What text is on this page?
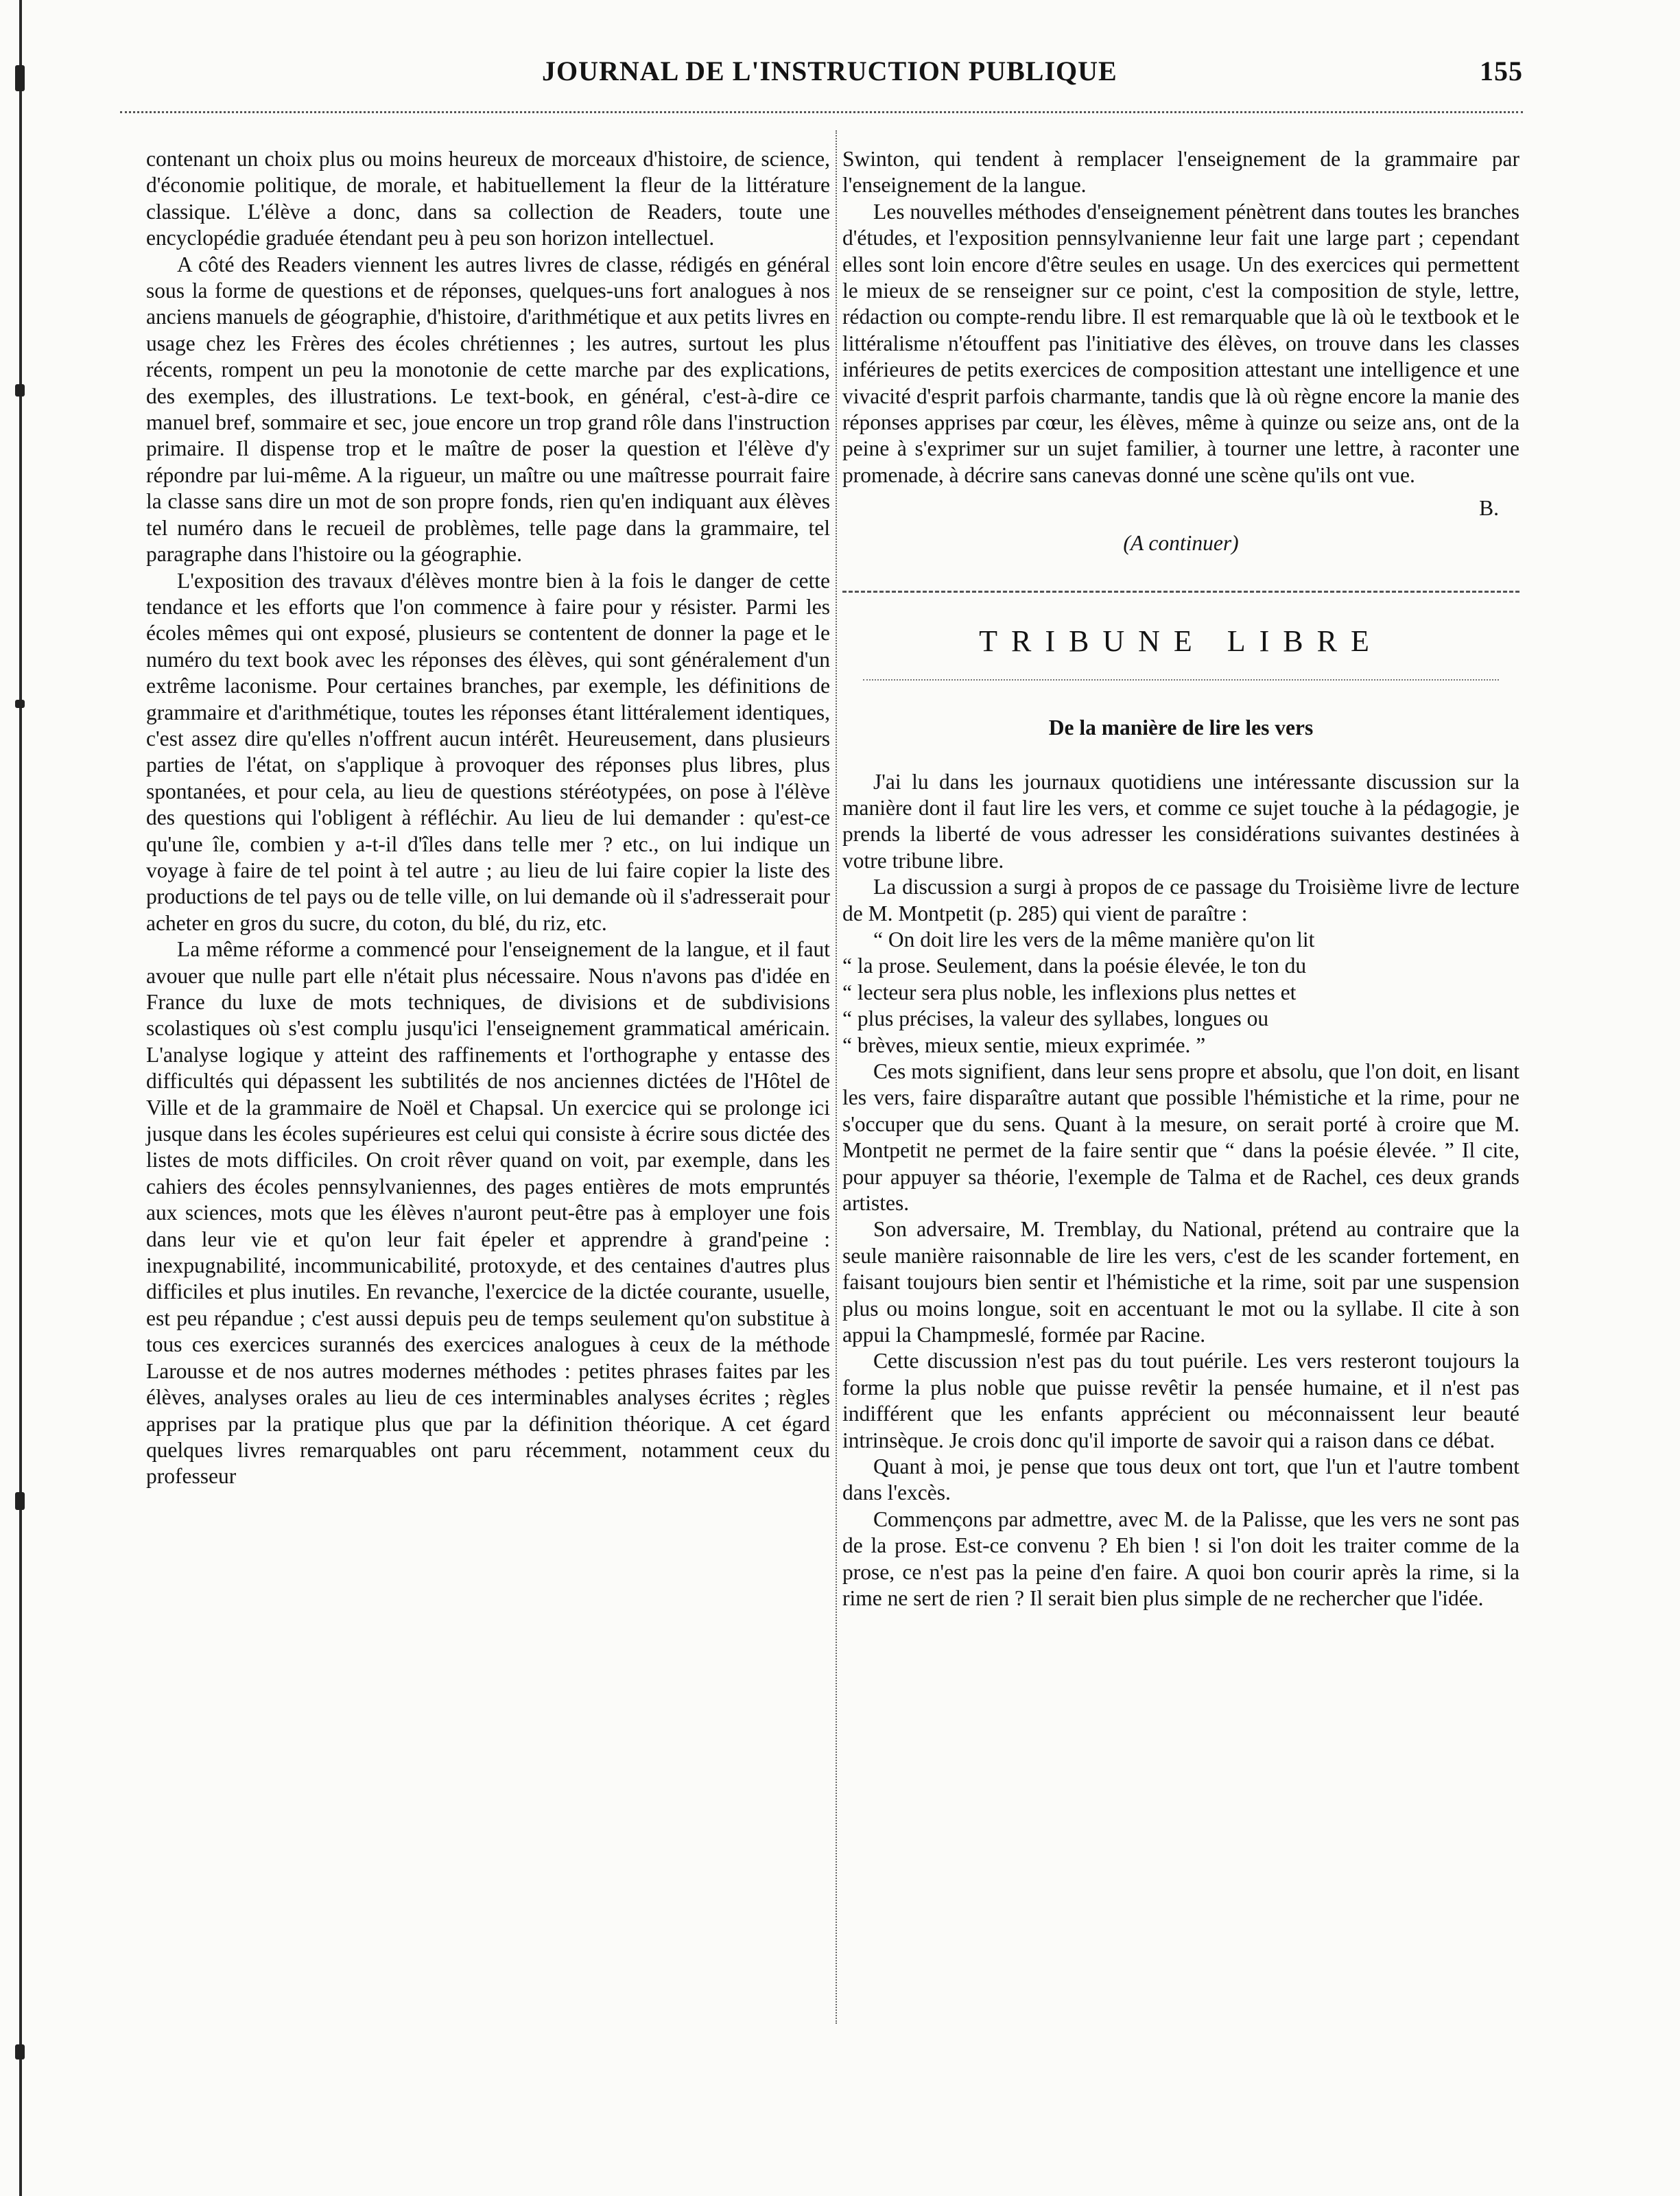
JOURNAL DE L'INSTRUCTION PUBLIQUE	155

contenant un choix plus ou moins heureux de morceaux d'histoire, de science, d'économie politique, de morale, et habituellement la fleur de la littérature classique. L'élève a donc, dans sa collection de Readers, toute une encyclopédie graduée étendant peu à peu son horizon intellectuel.

A côté des Readers viennent les autres livres de classe, rédigés en général sous la forme de questions et de réponses, quelques-uns fort analogues à nos anciens manuels de géographie, d'histoire, d'arithmétique et aux petits livres en usage chez les Frères des écoles chrétiennes ; les autres, surtout les plus récents, rompent un peu la monotonie de cette marche par des explications, des exemples, des illustrations. Le text-book, en général, c'est-à-dire ce manuel bref, sommaire et sec, joue encore un trop grand rôle dans l'instruction primaire. Il dispense trop et le maître de poser la question et l'élève d'y répondre par lui-même. A la rigueur, un maître ou une maîtresse pourrait faire la classe sans dire un mot de son propre fonds, rien qu'en indiquant aux élèves tel numéro dans le recueil de problèmes, telle page dans la grammaire, tel paragraphe dans l'histoire ou la géographie.

L'exposition des travaux d'élèves montre bien à la fois le danger de cette tendance et les efforts que l'on commence à faire pour y résister. Parmi les écoles mêmes qui ont exposé, plusieurs se contentent de donner la page et le numéro du text book avec les réponses des élèves, qui sont généralement d'un extrême laconisme. Pour certaines branches, par exemple, les définitions de grammaire et d'arithmétique, toutes les réponses étant littéralement identiques, c'est assez dire qu'elles n'offrent aucun intérêt. Heureusement, dans plusieurs parties de l'état, on s'applique à provoquer des réponses plus libres, plus spontanées, et pour cela, au lieu de questions stéréotypées, on pose à l'élève des questions qui l'obligent à réfléchir. Au lieu de lui demander : qu'est-ce qu'une île, combien y a-t-il d'îles dans telle mer ? etc., on lui indique un voyage à faire de tel point à tel autre ; au lieu de lui faire copier la liste des productions de tel pays ou de telle ville, on lui demande où il s'adresserait pour acheter en gros du sucre, du coton, du blé, du riz, etc.

La même réforme a commencé pour l'enseignement de la langue, et il faut avouer que nulle part elle n'était plus nécessaire. Nous n'avons pas d'idée en France du luxe de mots techniques, de divisions et de subdivisions scolastiques où s'est complu jusqu'ici l'enseignement grammatical américain. L'analyse logique y atteint des raffinements et l'orthographe y entasse des difficultés qui dépassent les subtilités de nos anciennes dictées de l'Hôtel de Ville et de la grammaire de Noël et Chapsal. Un exercice qui se prolonge ici jusque dans les écoles supérieures est celui qui consiste à écrire sous dictée des listes de mots difficiles. On croit rêver quand on voit, par exemple, dans les cahiers des écoles pennsylvaniennes, des pages entières de mots empruntés aux sciences, mots que les élèves n'auront peut-être pas à employer une fois dans leur vie et qu'on leur fait épeler et apprendre à grand'peine : inexpugnabilité, incommunicabilité, protoxyde, et des centaines d'autres plus difficiles et plus inutiles. En revanche, l'exercice de la dictée courante, usuelle, est peu répandue ; c'est aussi depuis peu de temps seulement qu'on substitue à tous ces exercices surannés des exercices analogues à ceux de la méthode Larousse et de nos autres modernes méthodes : petites phrases faites par les élèves, analyses orales au lieu de ces interminables analyses écrites ; règles apprises par la pratique plus que par la définition théorique. A cet égard quelques livres remarquables ont paru récemment, notamment ceux du professeur

Swinton, qui tendent à remplacer l'enseignement de la grammaire par l'enseignement de la langue.

Les nouvelles méthodes d'enseignement pénètrent dans toutes les branches d'études, et l'exposition pennsylvanienne leur fait une large part ; cependant elles sont loin encore d'être seules en usage. Un des exercices qui permettent le mieux de se renseigner sur ce point, c'est la composition de style, lettre, rédaction ou compte-rendu libre. Il est remarquable que là où le textbook et le littéralisme n'étouffent pas l'initiative des élèves, on trouve dans les classes inférieures de petits exercices de composition attestant une intelligence et une vivacité d'esprit parfois charmante, tandis que là où règne encore la manie des réponses apprises par cœur, les élèves, même à quinze ou seize ans, ont de la peine à s'exprimer sur un sujet familier, à tourner une lettre, à raconter une promenade, à décrire sans canevas donné une scène qu'ils ont vue.

B.
(A continuer)
TRIBUNE LIBRE
De la manière de lire les vers

J'ai lu dans les journaux quotidiens une intéressante discussion sur la manière dont il faut lire les vers, et comme ce sujet touche à la pédagogie, je prends la liberté de vous adresser les considérations suivantes destinées à votre tribune libre.

La discussion a surgi à propos de ce passage du Troisième livre de lecture de M. Montpetit (p. 285) qui vient de paraître :

“ On doit lire les vers de la même manière qu'on lit

“ la prose. Seulement, dans la poésie élevée, le ton du

“ lecteur sera plus noble, les inflexions plus nettes et

“ plus précises, la valeur des syllabes, longues ou

“ brèves, mieux sentie, mieux exprimée. ”

Ces mots signifient, dans leur sens propre et absolu, que l'on doit, en lisant les vers, faire disparaître autant que possible l'hémistiche et la rime, pour ne s'occuper que du sens. Quant à la mesure, on serait porté à croire que M. Montpetit ne permet de la faire sentir que “ dans la poésie élevée. ” Il cite, pour appuyer sa théorie, l'exemple de Talma et de Rachel, ces deux grands artistes.

Son adversaire, M. Tremblay, du National, prétend au contraire que la seule manière raisonnable de lire les vers, c'est de les scander fortement, en faisant toujours bien sentir et l'hémistiche et la rime, soit par une suspension plus ou moins longue, soit en accentuant le mot ou la syllabe. Il cite à son appui la Champmeslé, formée par Racine.

Cette discussion n'est pas du tout puérile. Les vers resteront toujours la forme la plus noble que puisse revêtir la pensée humaine, et il n'est pas indifférent que les enfants apprécient ou méconnaissent leur beauté intrinsèque. Je crois donc qu'il importe de savoir qui a raison dans ce débat.

Quant à moi, je pense que tous deux ont tort, que l'un et l'autre tombent dans l'excès.

Commençons par admettre, avec M. de la Palisse, que les vers ne sont pas de la prose. Est-ce convenu ? Eh bien ! si l'on doit les traiter comme de la prose, ce n'est pas la peine d'en faire. A quoi bon courir après la rime, si la rime ne sert de rien ? Il serait bien plus simple de ne rechercher que l'idée.
